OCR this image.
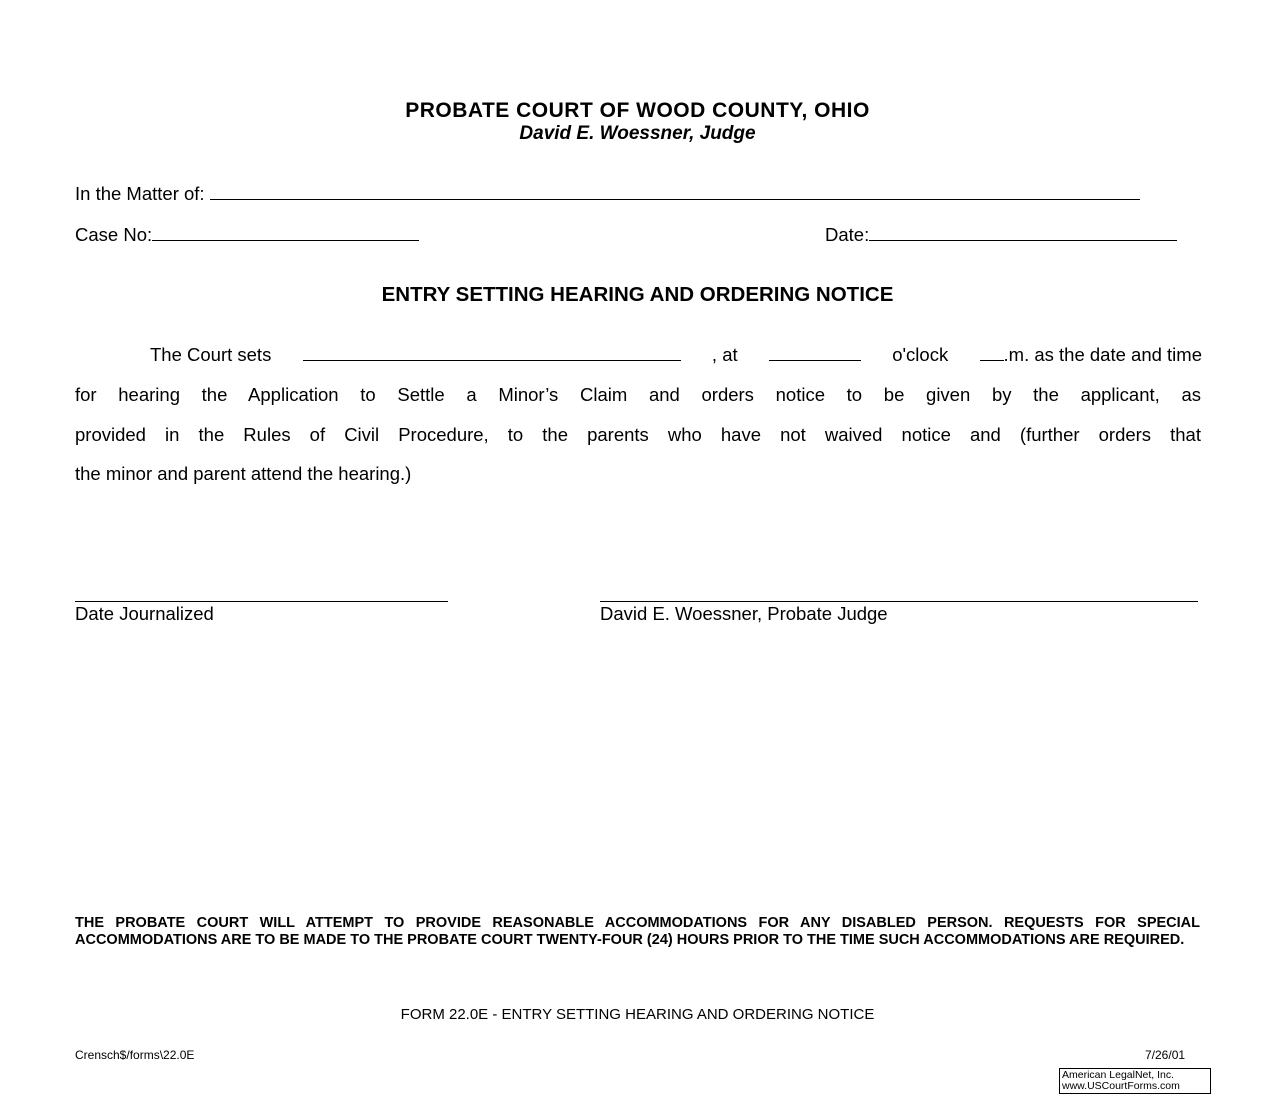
PROBATE COURT OF WOOD COUNTY, OHIO
David E. Woessner, Judge
In the Matter of:
Case No:	Date:
ENTRY SETTING HEARING AND ORDERING NOTICE
The Court sets	, at	o'clock	.m. as the date and time
for hearing the Application to Settle a Minor’s Claim and orders notice to be given by the applicant, as
provided in the Rules of Civil Procedure, to the parents who have not waived notice and (further orders that
the minor and parent attend the hearing.)
Date Journalized	David E. Woessner, Probate Judge
THE PROBATE COURT WILL ATTEMPT TO PROVIDE REASONABLE ACCOMMODATIONS FOR ANY DISABLED PERSON. REQUESTS FOR SPECIAL ACCOMMODATIONS ARE TO BE MADE TO THE PROBATE COURT TWENTY-FOUR (24) HOURS PRIOR TO THE TIME SUCH ACCOMMODATIONS ARE REQUIRED.
FORM 22.0E - ENTRY SETTING HEARING AND ORDERING NOTICE
Crensch$/forms\22.0E	7/26/01
American LegalNet, Inc.
www.USCourtForms.com
